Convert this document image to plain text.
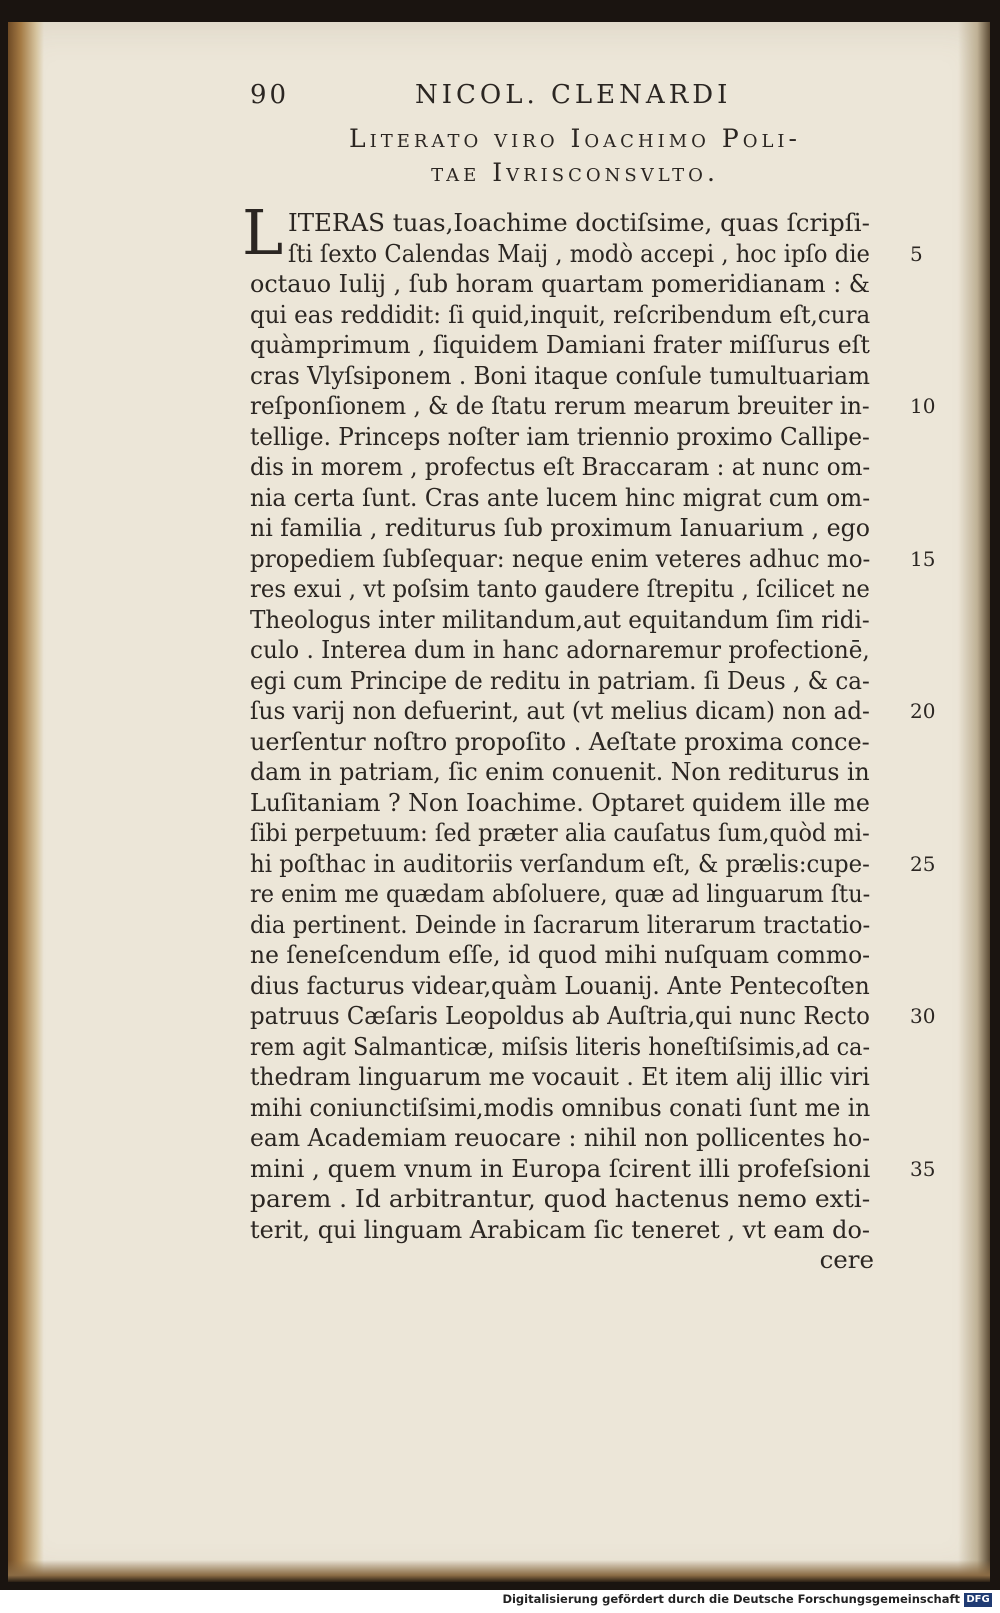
90	NICOL. CLENARDI
Literato viro Ioachimo Poli-
tae Ivrisconsvlto.
L ITERAS tuas,Ioachime doctiſsime, quas ſcripſi-
ſti ſexto Calendas Maij , modò accepi , hoc ipſo die 5
octauo Iulij , ſub horam quartam pomeridianam : &
qui eas reddidit: ſi quid,inquit, reſcribendum eſt,cura
quàmprimum , ſiquidem Damiani frater miſſurus eſt
cras Vlyſsiponem . Boni itaque conſule tumultuariam
reſponſionem , & de ſtatu rerum mearum breuiter in- 10
tellige. Princeps noſter iam triennio proximo Callipe-
dis in morem , profectus eſt Braccaram : at nunc om-
nia certa ſunt. Cras ante lucem hinc migrat cum om-
ni familia , rediturus ſub proximum Ianuarium , ego
propediem ſubſequar: neque enim veteres adhuc mo- 15
res exui , vt poſsim tanto gaudere ſtrepitu , ſcilicet ne
Theologus inter militandum,aut equitandum ſim ridi-
culo . Interea dum in hanc adornaremur profectionē,
egi cum Principe de reditu in patriam. ſi Deus , & ca-
ſus varij non defuerint, aut (vt melius dicam) non ad- 20
uerſentur noſtro propoſito . Aeſtate proxima conce-
dam in patriam, ſic enim conuenit. Non rediturus in
Luſitaniam ? Non Ioachime. Optaret quidem ille me
ſibi perpetuum: ſed præter alia cauſatus ſum,quòd mi-
hi poſthac in auditoriis verſandum eſt, & prælis:cupe- 25
re enim me quædam abſoluere, quæ ad linguarum ſtu-
dia pertinent. Deinde in ſacrarum literarum tractatio-
ne ſeneſcendum eſſe, id quod mihi nuſquam commo-
dius facturus videar,quàm Louanij. Ante Pentecoſten
patruus Cæſaris Leopoldus ab Auſtria,qui nunc Recto 30
rem agit Salmanticæ, miſsis literis honeſtiſsimis,ad ca-
thedram linguarum me vocauit . Et item alij illic viri
mihi coniunctiſsimi,modis omnibus conati ſunt me in
eam Academiam reuocare : nihil non pollicentes ho-
mini , quem vnum in Europa ſcirent illi profeſsioni 35
parem . Id arbitrantur, quod hactenus nemo exti-
terit, qui linguam Arabicam ſic teneret , vt eam do-
cere
Digitalisierung gefördert durch die Deutsche Forschungsgemeinschaft DFG
